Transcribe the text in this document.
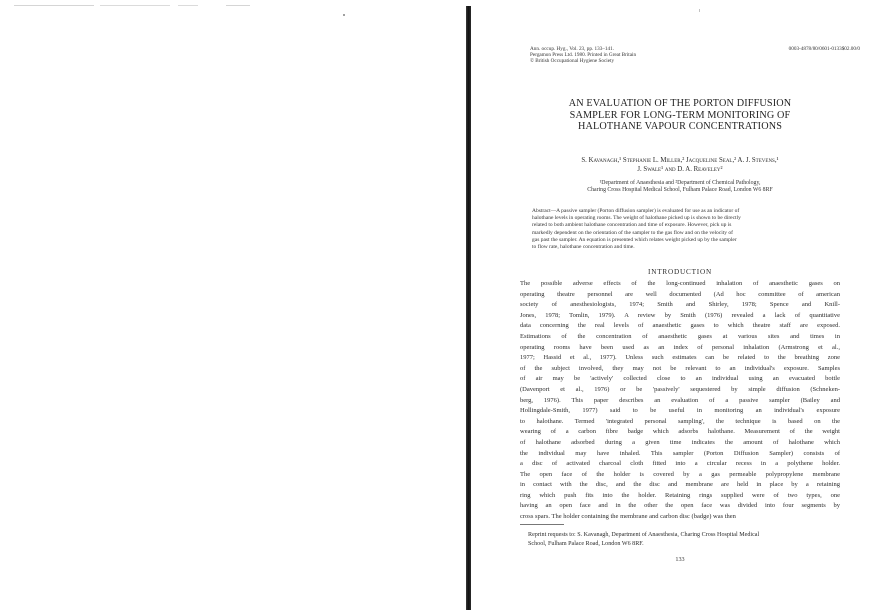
Ann. occup. Hyg., Vol. 23, pp. 133–141.
Pergamon Press Ltd. 1980. Printed in Great Britain
© British Occupational Hygiene Society
0003-4878/80/0601-0133$02.00/0
AN EVALUATION OF THE PORTON DIFFUSION
SAMPLER FOR LONG-TERM MONITORING OF
HALOTHANE VAPOUR CONCENTRATIONS
S. Kavanagh,¹ Stephanie L. Miller,² Jacqueline Seal,² A. J. Stevens,¹
J. Swale¹ and D. A. Reaveley²
¹Department of Anaesthesia and ²Department of Chemical Pathology,
Charing Cross Hospital Medical School, Fulham Palace Road, London W6 8RF
Abstract—A passive sampler (Porton diffusion sampler) is evaluated for use as an indicator of
halothane levels in operating rooms. The weight of halothane picked up is shown to be directly
related to both ambient halothane concentration and time of exposure. However, pick up is
markedly dependent on the orientation of the sampler to the gas flow and on the velocity of
gas past the sampler. An equation is presented which relates weight picked up by the sampler
to flow rate, halothane concentration and time.
INTRODUCTION
The possible adverse effects of the long-continued inhalation of anaesthetic gases on
operating theatre personnel are well documented (Ad hoc committee of american
society of anesthesiologists, 1974; Smith and Shirley, 1978; Spence and Knill-
Jones, 1978; Tomlin, 1979). A review by Smith (1976) revealed a lack of quantitative
data concerning the real levels of anaesthetic gases to which theatre staff are exposed.
Estimations of the concentration of anaesthetic gases at various sites and times in
operating rooms have been used as an index of personal inhalation (Armstrong et al.,
1977; Hassid et al., 1977). Unless such estimates can be related to the breathing zone
of the subject involved, they may not be relevant to an individual's exposure. Samples
of air may be 'actively' collected close to an individual using an evacuated bottle
(Davenport et al., 1976) or be 'passively' sequestered by simple diffusion (Schneken-
berg, 1976). This paper describes an evaluation of a passive sampler (Bailey and
Hollingdale-Smith, 1977) said to be useful in monitoring an individual's exposure
to halothane. Termed 'integrated personal sampling', the technique is based on the
wearing of a carbon fibre badge which adsorbs halothane. Measurement of the weight
of halothane adsorbed during a given time indicates the amount of halothane which
the individual may have inhaled. This sampler (Porton Diffusion Sampler) consists of
a disc of activated charcoal cloth fitted into a circular recess in a polythene holder.
The open face of the holder is covered by a gas permeable polypropylene membrane
in contact with the disc, and the disc and membrane are held in place by a retaining
ring which push fits into the holder. Retaining rings supplied were of two types, one
having an open face and in the other the open face was divided into four segments by
cross spars. The holder containing the membrane and carbon disc (badge) was then
Reprint requests to: S. Kavanagh, Department of Anaesthesia, Charing Cross Hospital Medical
School, Fulham Palace Road, London W6 8RF.
133
